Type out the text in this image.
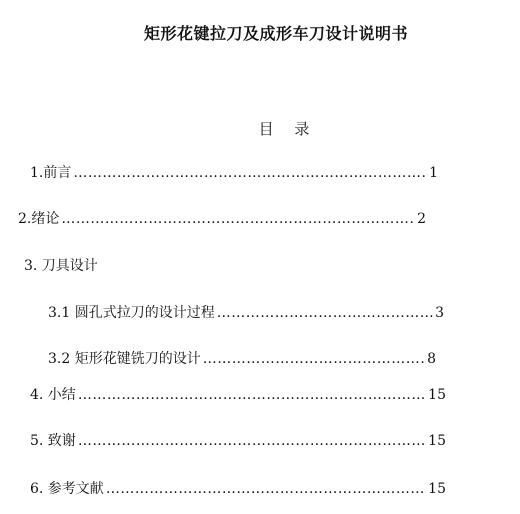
矩形花键拉刀及成形车刀设计说明书
目 录
1.前言 ……………………………………………………………………………………………………………………………………	1
2.绪论 ……………………………………………………………………………………………………………………………………	2
3. 刀具设计
3.1 圆孔式拉刀的设计过程 ……………………………………………………………………………………………………………………………………	3
3.2 矩形花键铣刀的设计 ……………………………………………………………………………………………………………………………………	8
4. 小结 ……………………………………………………………………………………………………………………………………	15
5. 致谢 ……………………………………………………………………………………………………………………………………	15
6. 参考文献 ……………………………………………………………………………………………………………………………………	15
